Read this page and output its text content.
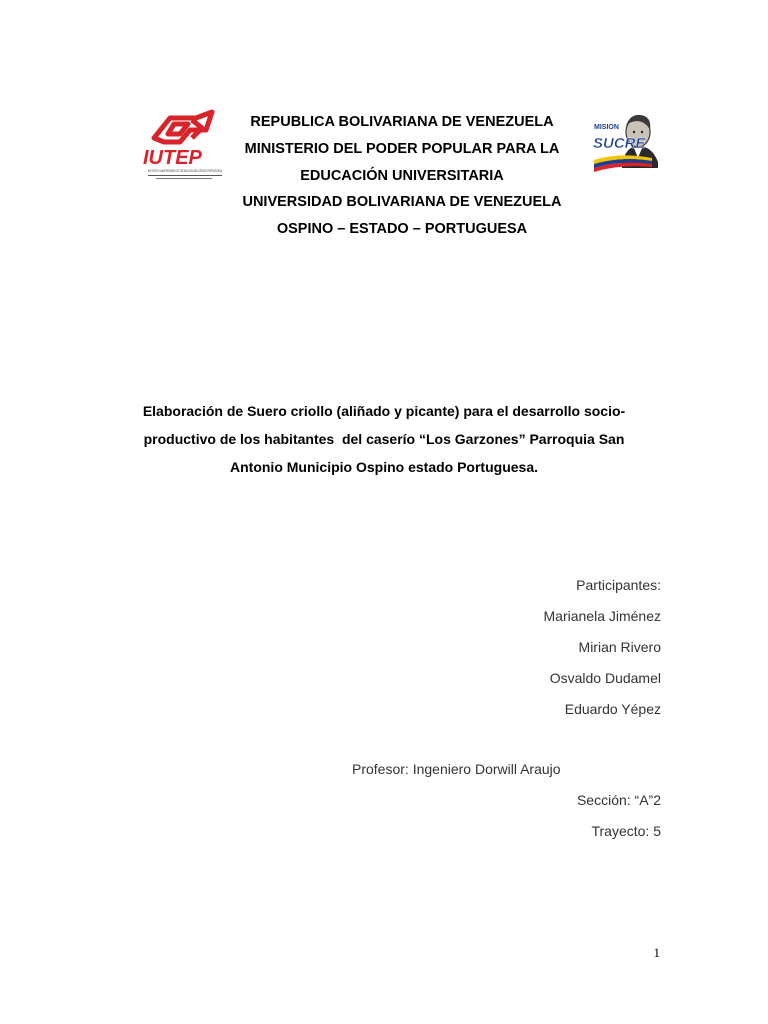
IUTEP
INSTITUTO UNIVERSITARIO DE TECNOLOGÍA DEL ESTADO PORTUGUESA
MISION
SUCRE
REPUBLICA BOLIVARIANA DE VENEZUELA
MINISTERIO DEL PODER POPULAR PARA LA
EDUCACIÓN UNIVERSITARIA
UNIVERSIDAD BOLIVARIANA DE VENEZUELA
OSPINO – ESTADO – PORTUGUESA
Elaboración de Suero criollo (aliñado y picante) para el desarrollo socio-
productivo de los habitantes  del caserío “Los Garzones” Parroquia San
Antonio Municipio Ospino estado Portuguesa.
Participantes:
Marianela Jiménez
Mirian Rivero
Osvaldo Dudamel
Eduardo Yépez
Profesor: Ingeniero Dorwill Araujo
Sección: “A”2
Trayecto: 5
1
